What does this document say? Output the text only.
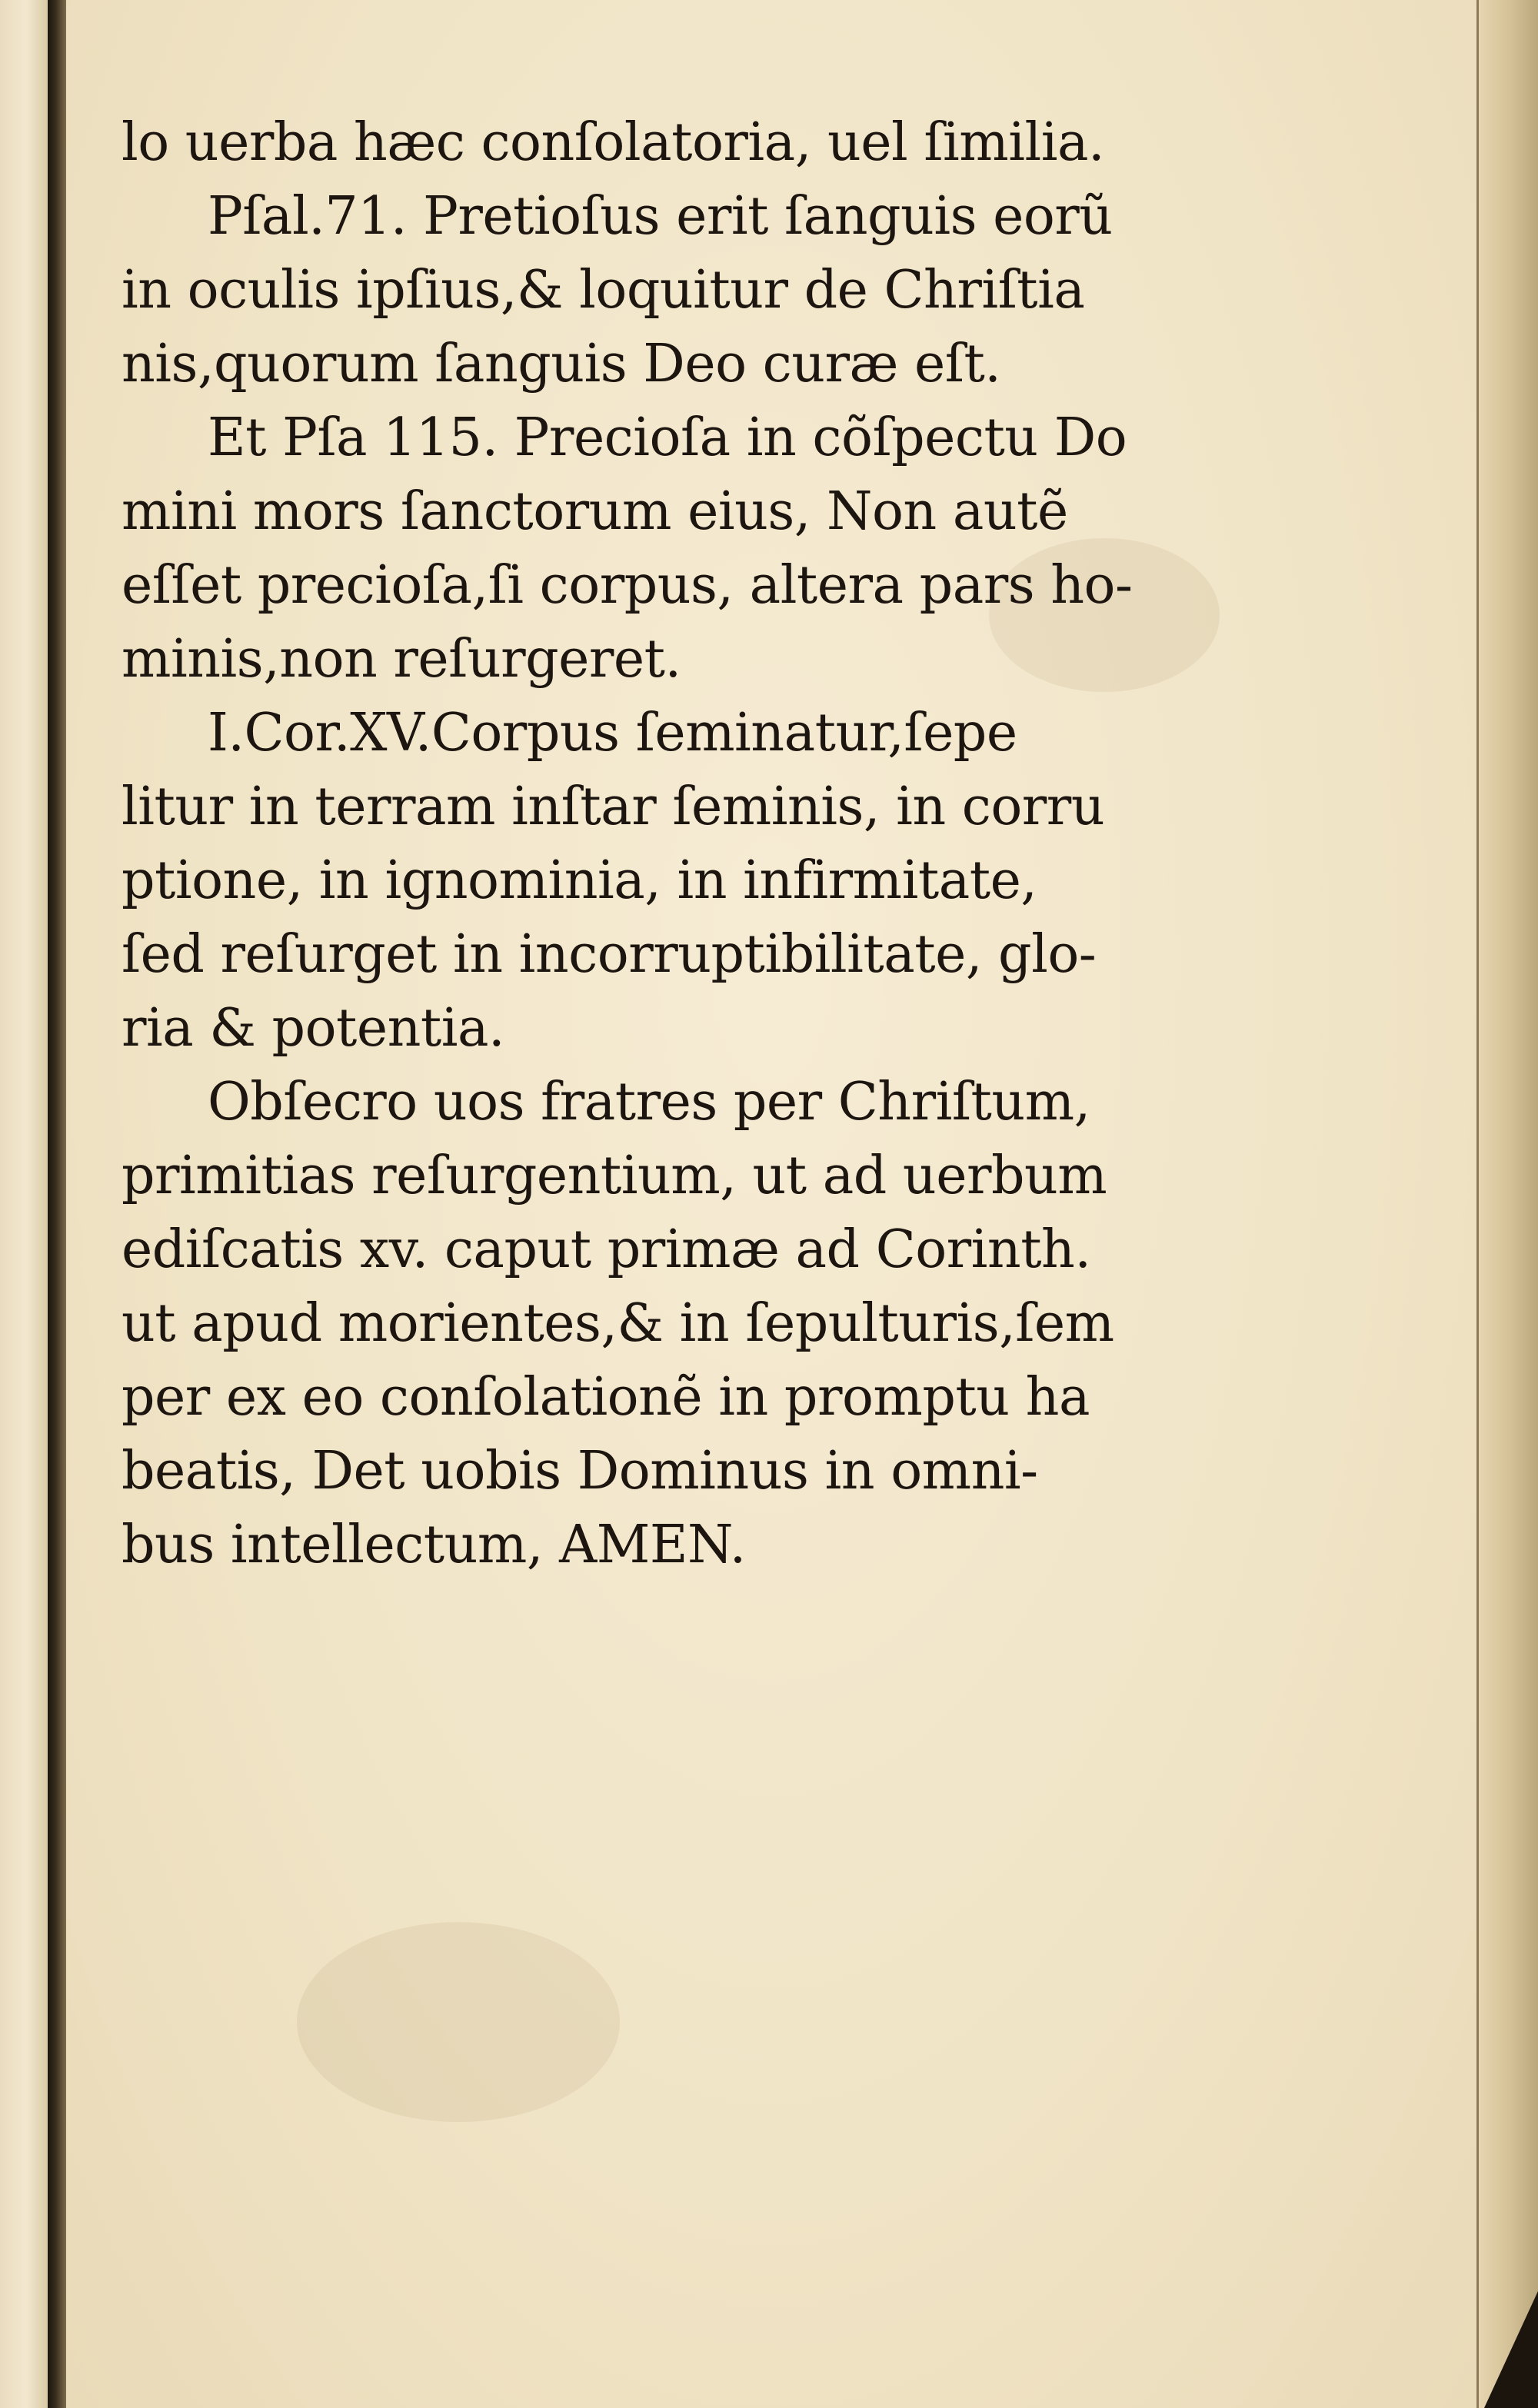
lo uerba hæc conſolatoria, uel ſimilia.
Pſal.71. Pretioſus erit ſanguis eorũ
in oculis ipſius,& loquitur de Chriſtia
nis,quorum ſanguis Deo curæ eſt.
Et Pſa 115. Precioſa in cõſpectu Do
mini mors ſanctorum eius, Non autẽ
eſſet precioſa,ſi corpus, altera pars ho-
minis,non reſurgeret.
I.Cor.XV.Corpus ſeminatur,ſepe
litur in terram inſtar ſeminis, in corru
ptione, in ignominia, in infirmitate,
ſed reſurget in incorruptibilitate, glo-
ria & potentia.
Obſecro uos fratres per Chriſtum,
primitias reſurgentium, ut ad uerbum
ediſcatis xv. caput primæ ad Corinth.
ut apud morientes,& in ſepulturis,ſem
per ex eo conſolationẽ in promptu ha
beatis, Det uobis Dominus in omni-
bus intellectum, AMEN.
